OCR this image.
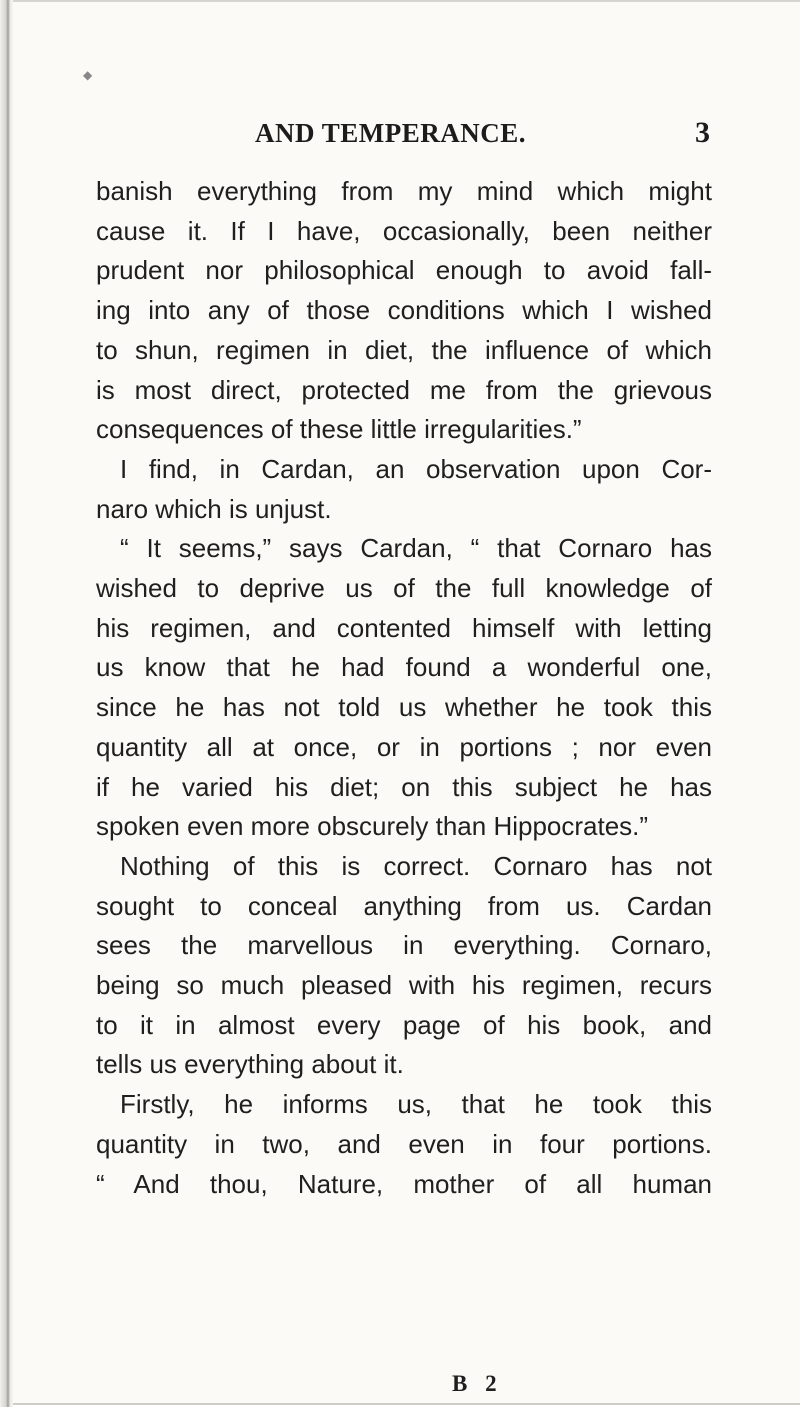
◆
AND TEMPERANCE.	3
banish everything from my mind which might
cause it. If I have, occasionally, been neither
prudent nor philosophical enough to avoid fall-
ing into any of those conditions which I wished
to shun, regimen in diet, the influence of which
is most direct, protected me from the grievous
consequences of these little irregularities.”
I find, in Cardan, an observation upon Cor-
naro which is unjust.
“ It seems,” says Cardan, “ that Cornaro has
wished to deprive us of the full knowledge of
his regimen, and contented himself with letting
us know that he had found a wonderful one,
since he has not told us whether he took this
quantity all at once, or in portions ; nor even
if he varied his diet; on this subject he has
spoken even more obscurely than Hippocrates.”
Nothing of this is correct. Cornaro has not
sought to conceal anything from us. Cardan
sees the marvellous in everything. Cornaro,
being so much pleased with his regimen, recurs
to it in almost every page of his book, and
tells us everything about it.
Firstly, he informs us, that he took this
quantity in two, and even in four portions.
“ And thou, Nature, mother of all human
B 2
